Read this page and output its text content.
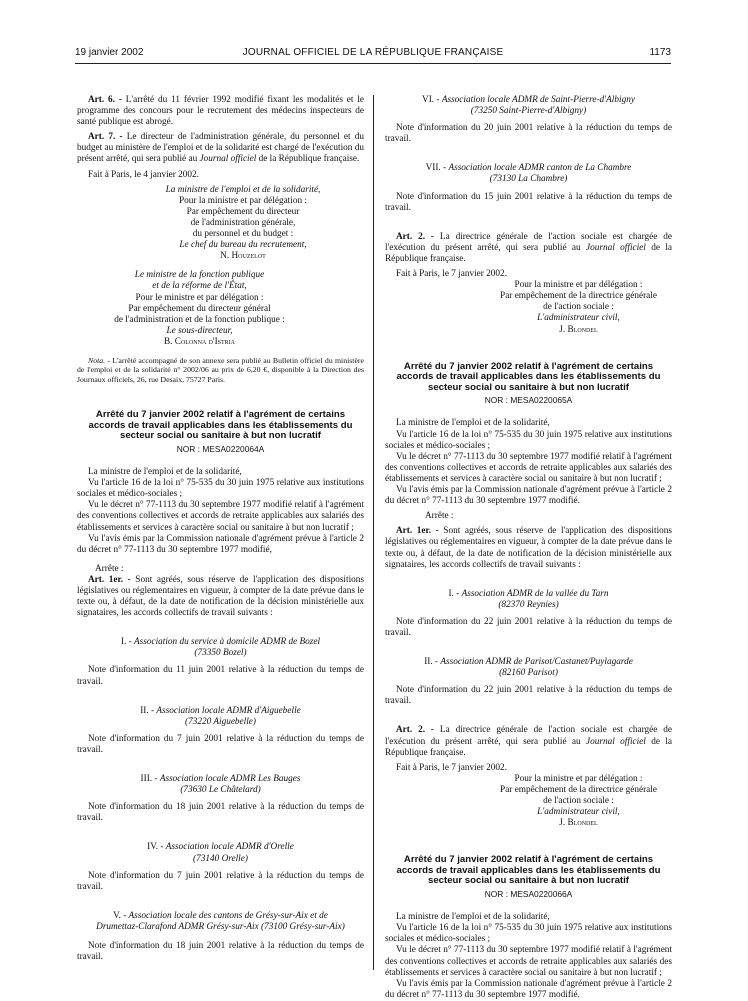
19 janvier 2002	JOURNAL OFFICIEL DE LA RÉPUBLIQUE FRANÇAISE	1173

Art. 6. - L'arrêté du 11 février 1992 modifié fixant les modalités et le programme des concours pour le recrutement des médecins inspecteurs de santé publique est abrogé.

Art. 7. - Le directeur de l'administration générale, du personnel et du budget au ministère de l'emploi et de la solidarité est chargé de l'exécution du présent arrêté, qui sera publié au Journal officiel de la République française.

Fait à Paris, le 4 janvier 2002.

La ministre de l'emploi et de la solidarité,
Pour la ministre et par délégation :
Par empêchement du directeur
de l'administration générale,
du personnel et du budget :
Le chef du bureau du recrutement,
N. Houzelot
Le ministre de la fonction publique
et de la réforme de l'État,
Pour le ministre et par délégation :
Par empêchement du directeur général
de l'administration et de la fonction publique :
Le sous-directeur,
B. Colonna d'Istria

Nota. - L'arrêté accompagné de son annexe sera publié au Bulletin officiel du ministère de l'emploi et de la solidarité n° 2002/06 au prix de 6,20 €, disponible à la Direction des Journaux officiels, 26, rue Desaix, 75727 Paris.

Arrêté du 7 janvier 2002 relatif à l'agrément de certains accords de travail applicables dans les établissements du secteur social ou sanitaire à but non lucratif

NOR : MESA0220064A

La ministre de l'emploi et de la solidarité,

Vu l'article 16 de la loi n° 75-535 du 30 juin 1975 relative aux institutions sociales et médico-sociales ;

Vu le décret n° 77-1113 du 30 septembre 1977 modifié relatif à l'agrément des conventions collectives et accords de retraite applicables aux salariés des établissements et services à caractère social ou sanitaire à but non lucratif ;

Vu l'avis émis par la Commission nationale d'agrément prévue à l'article 2 du décret n° 77-1113 du 30 septembre 1977 modifié,

Arrête :

Art. 1er. - Sont agréés, sous réserve de l'application des dispositions législatives ou réglementaires en vigueur, à compter de la date prévue dans le texte ou, à défaut, de la date de notification de la décision ministérielle aux signataires, les accords collectifs de travail suivants :

I. - Association du service à domicile ADMR de Bozel

(73350 Bozel)

Note d'information du 11 juin 2001 relative à la réduction du temps de travail.

II. - Association locale ADMR d'Aiguebelle

(73220 Aiguebelle)

Note d'information du 7 juin 2001 relative à la réduction du temps de travail.

III. - Association locale ADMR Les Bauges

(73630 Le Châtelard)

Note d'information du 18 juin 2001 relative à la réduction du temps de travail.

IV. - Association locale ADMR d'Orelle

(73140 Orelle)

Note d'information du 7 juin 2001 relative à la réduction du temps de travail.

V. - Association locale des cantons de Grésy-sur-Aix et de Drumettaz-Clarafond ADMR Grésy-sur-Aix (73100 Grésy-sur-Aix)

Note d'information du 18 juin 2001 relative à la réduction du temps de travail.

VI. - Association locale ADMR de Saint-Pierre-d'Albigny

(73250 Saint-Pierre-d'Albigny)

Note d'information du 20 juin 2001 relative à la réduction du temps de travail.

VII. - Association locale ADMR canton de La Chambre

(73130 La Chambre)

Note d'information du 15 juin 2001 relative à la réduction du temps de travail.

Art. 2. - La directrice générale de l'action sociale est chargée de l'exécution du présent arrêté, qui sera publié au Journal officiel de la République française.

Fait à Paris, le 7 janvier 2002.

Pour la ministre et par délégation :
Par empêchement de la directrice générale
de l'action sociale :
L'administrateur civil,
J. Blondel

Arrêté du 7 janvier 2002 relatif à l'agrément de certains accords de travail applicables dans les établissements du secteur social ou sanitaire à but non lucratif

NOR : MESA0220065A

La ministre de l'emploi et de la solidarité,

Vu l'article 16 de la loi n° 75-535 du 30 juin 1975 relative aux institutions sociales et médico-sociales ;

Vu le décret n° 77-1113 du 30 septembre 1977 modifié relatif à l'agrément des conventions collectives et accords de retraite applicables aux salariés des établissements et services à caractère social ou sanitaire à but non lucratif ;

Vu l'avis émis par la Commission nationale d'agrément prévue à l'article 2 du décret n° 77-1113 du 30 septembre 1977 modifié.

Arrête :

Art. 1er. - Sont agréés, sous réserve de l'application des dispositions législatives ou réglementaires en vigueur, à compter de la date prévue dans le texte ou, à défaut, de la date de notification de la décision ministérielle aux signataires, les accords collectifs de travail suivants :

I. - Association ADMR de la vallée du Tarn

(82370 Reynies)

Note d'information du 22 juin 2001 relative à la réduction du temps de travail.

II. - Association ADMR de Parisot/Castanet/Puylagarde

(82160 Parisot)

Note d'information du 22 juin 2001 relative à la réduction du temps de travail.

Art. 2. - La directrice générale de l'action sociale est chargée de l'exécution du présent arrêté, qui sera publié au Journal officiel de la République française.

Fait à Paris, le 7 janvier 2002.

Pour la ministre et par délégation :
Par empêchement de la directrice générale
de l'action sociale :
L'administrateur civil,
J. Blondel

Arrêté du 7 janvier 2002 relatif à l'agrément de certains accords de travail applicables dans les établissements du secteur social ou sanitaire à but non lucratif

NOR : MESA0220066A

La ministre de l'emploi et de la solidarité,

Vu l'article 16 de la loi n° 75-535 du 30 juin 1975 relative aux institutions sociales et médico-sociales ;

Vu le décret n° 77-1113 du 30 septembre 1977 modifié relatif à l'agrément des conventions collectives et accords de retraite applicables aux salariés des établissements et services à caractère social ou sanitaire à but non lucratif ;

Vu l'avis émis par la Commission nationale d'agrément prévue à l'article 2 du décret n° 77-1113 du 30 septembre 1977 modifié.
